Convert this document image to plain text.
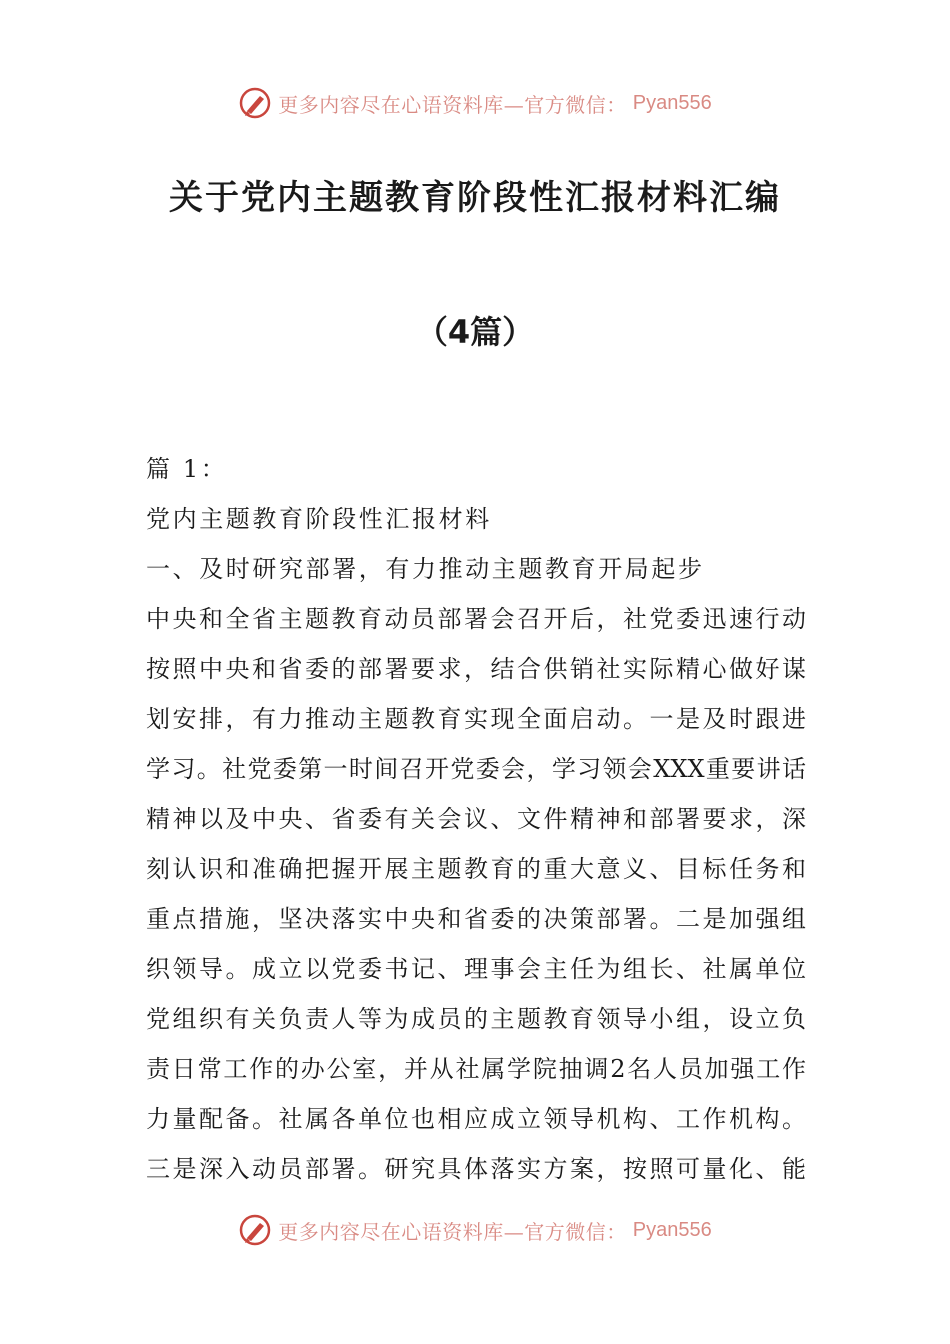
更多内容尽在心语资料库—官方微信： Pyan556
关于党内主题教育阶段性汇报材料汇编
（4篇）

篇 1：

党内主题教育阶段性汇报材料

一、及时研究部署，有力推动主题教育开局起步

中央和全省主题教育动员部署会召开后，社党委迅速行动

按照中央和省委的部署要求，结合供销社实际精心做好谋

划安排，有力推动主题教育实现全面启动。一是及时跟进

学习。社党委第一时间召开党委会，学习领会XXX重要讲话

精神以及中央、省委有关会议、文件精神和部署要求，深

刻认识和准确把握开展主题教育的重大意义、目标任务和

重点措施，坚决落实中央和省委的决策部署。二是加强组

织领导。成立以党委书记、理事会主任为组长、社属单位

党组织有关负责人等为成员的主题教育领导小组，设立负

责日常工作的办公室，并从社属学院抽调2名人员加强工作

力量配备。社属各单位也相应成立领导机构、工作机构。

三是深入动员部署。研究具体落实方案，按照可量化、能

更多内容尽在心语资料库—官方微信： Pyan556
